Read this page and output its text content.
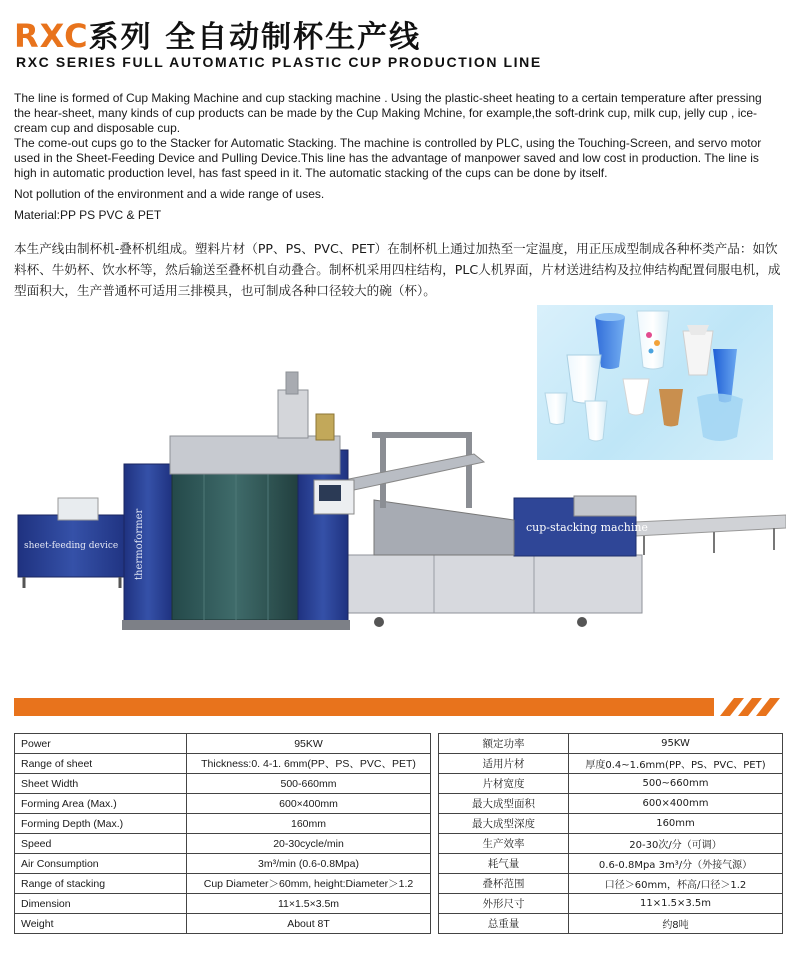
RXC系列 全自动制杯生产线
RXC SERIES FULL AUTOMATIC PLASTIC CUP PRODUCTION LINE

The line is formed of Cup Making Machine and cup stacking machine . Using the plastic-sheet heating to a certain temperature after pressing the hear-sheet, many kinds of cup products can be made by the Cup Making Mchine, for example,the soft-drink cup, milk cup, jelly cup , ice-cream cup and disposable cup.

The come-out cups go to the Stacker for Automatic Stacking. The machine is controlled by PLC, using the Touching-Screen, and servo motor used in the Sheet-Feeding Device and Pulling Device.This line has the advantage of manpower saved and low cost in production. The line is high in automatic production level, has fast speed in it. The automatic stacking of the cups can be done by itself.

Not pollution of the environment and a wide range of uses.

Material:PP PS PVC & PET

本生产线由制杯机-叠杯机组成。塑料片材（PP、PS、PVC、PET）在制杯机上通过加热至一定温度，用正压成型制成各种杯类产品：如饮料杯、牛奶杯、饮水杯等，然后输送至叠杯机自动叠合。制杯机采用四柱结构，PLC人机界面，片材送进结构及拉伸结构配置伺服电机，成型面积大，生产普通杯可适用三排模具，也可制成各种口径较大的碗（杯）。
cup-stacking machine
sheet-feeding device thermoformer
Power	95KW
Range of sheet	Thickness:0. 4-1. 6mm(PP、PS、PVC、PET)
Sheet Width	500-660mm
Forming Area (Max.)	600×400mm
Forming Depth (Max.)	160mm
Speed	20-30cycle/min
Air Consumption	3m³/min (0.6-0.8Mpa)
Range of stacking	Cup Diameter＞60mm, height:Diameter＞1.2
Dimension	11×1.5×3.5m
Weight	About 8T
额定功率	95KW
适用片材	厚度0.4~1.6mm(PP、PS、PVC、PET)
片材宽度	500~660mm
最大成型面积	600×400mm
最大成型深度	160mm
生产效率	20-30次/分（可调）
耗气量	0.6-0.8Mpa 3m³/分（外接气源）
叠杯范围	口径＞60mm，杯高/口径＞1.2
外形尺寸	11×1.5×3.5m
总重量	约8吨
